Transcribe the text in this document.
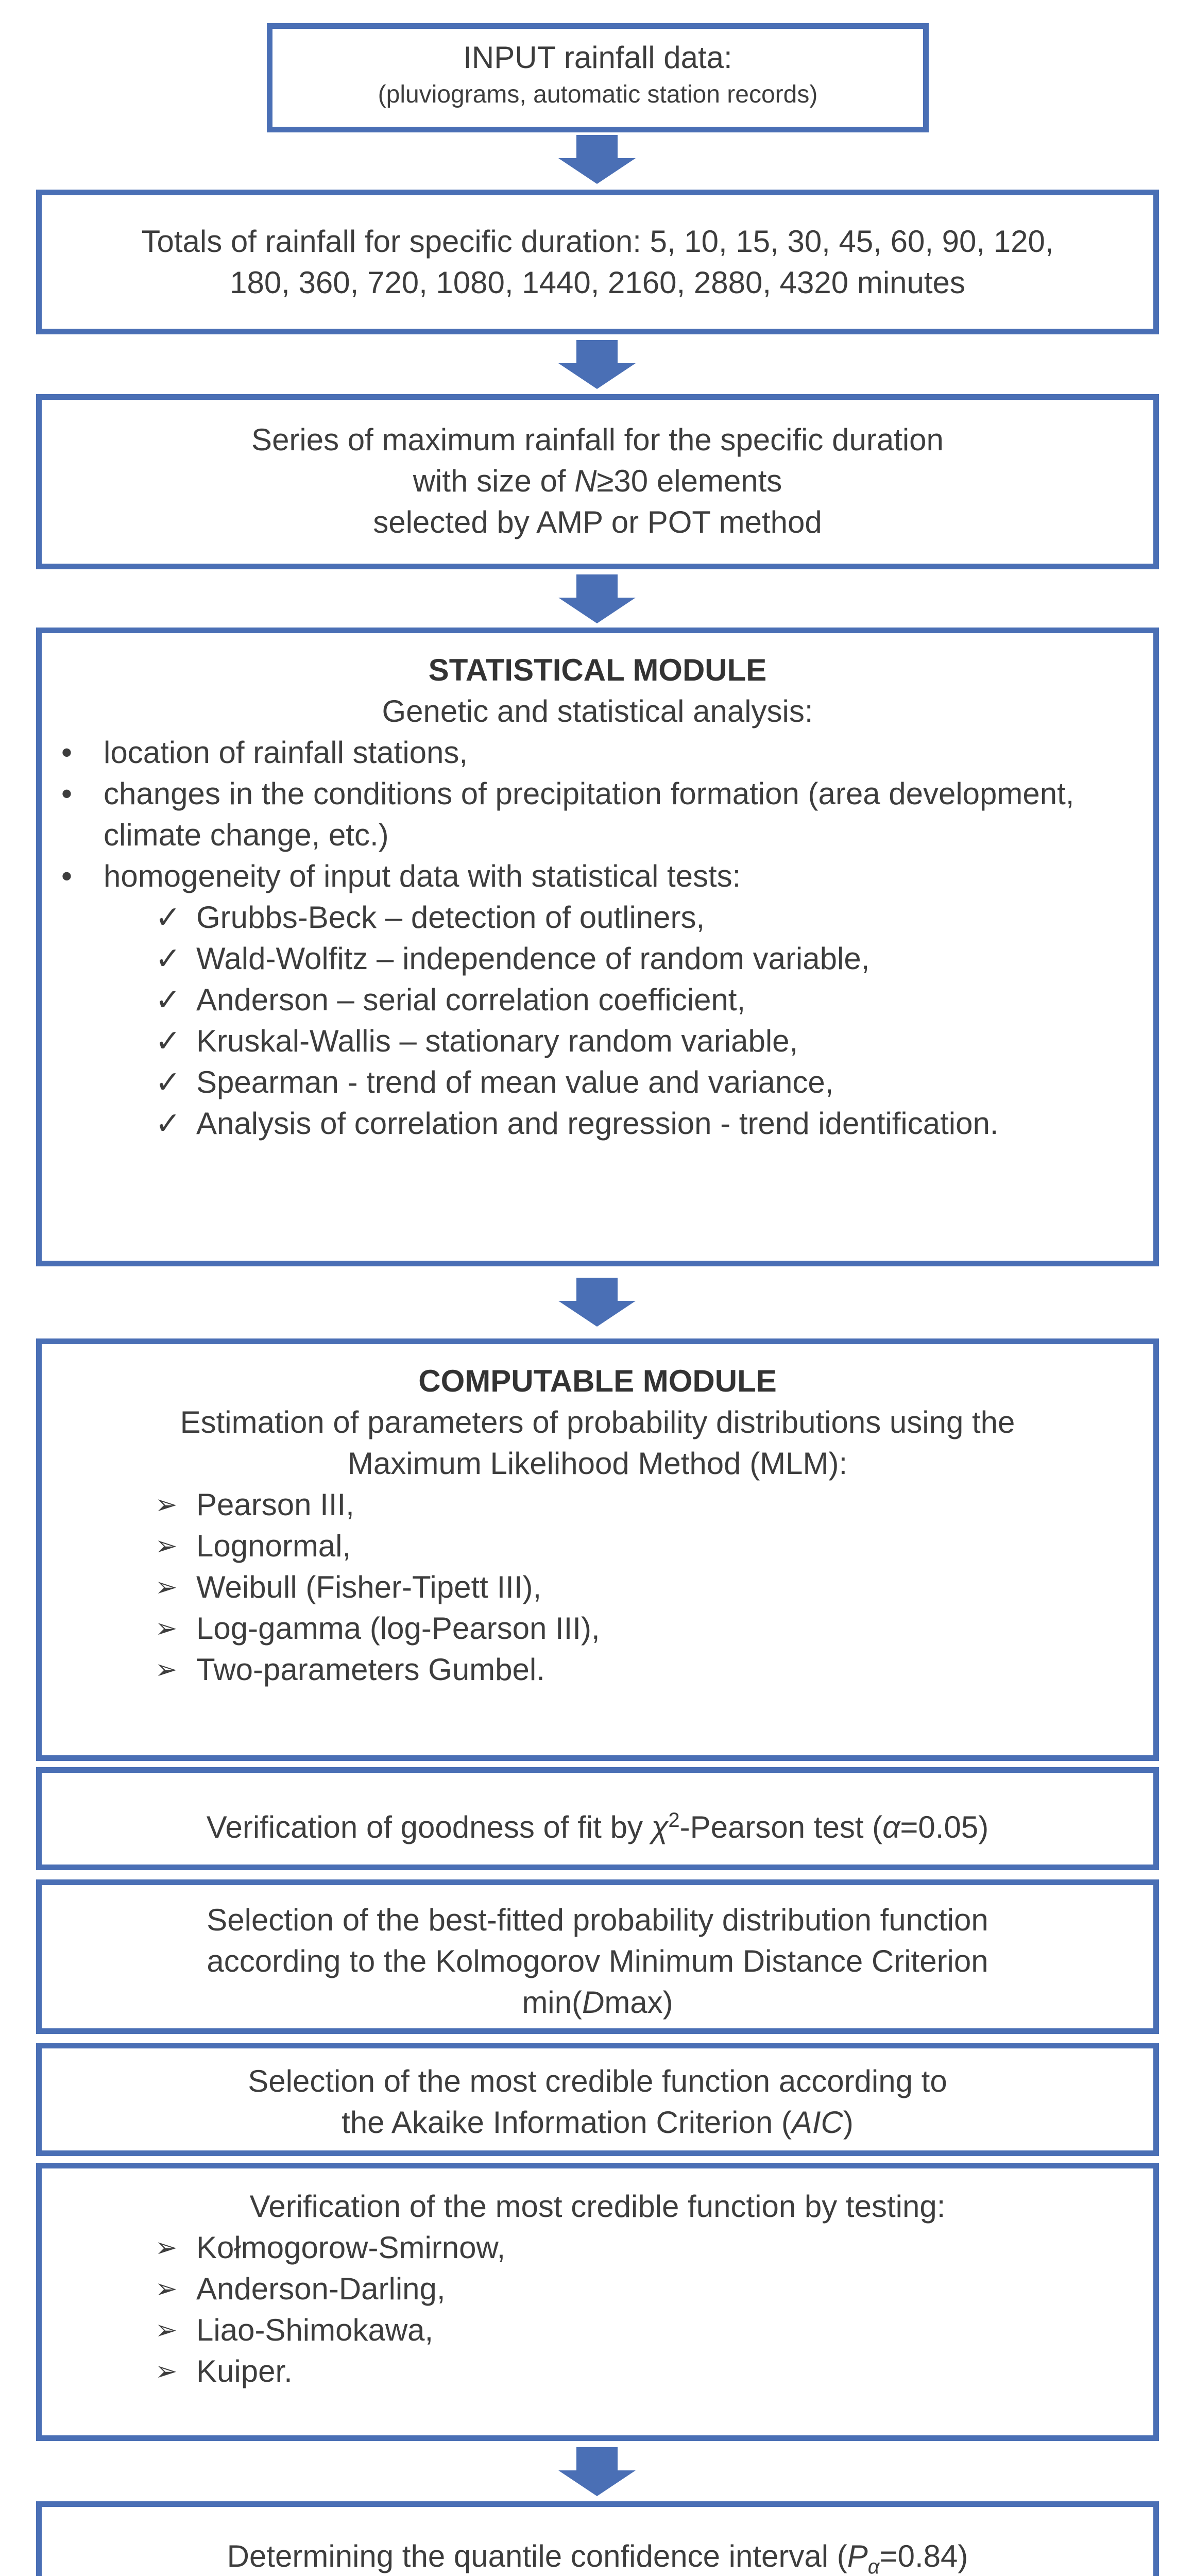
INPUT rainfall data:
(pluviograms, automatic station records)
Totals of rainfall for specific duration: 5, 10, 15, 30, 45, 60, 90, 120,
180, 360, 720, 1080, 1440, 2160, 2880, 4320 minutes
Series of maximum rainfall for the specific duration
with size of N≥30 elements
selected by AMP or POT method
STATISTICAL MODULE
Genetic and statistical analysis:
• location of rainfall stations,
• changes in the conditions of precipitation formation (area development, climate change, etc.)
• homogeneity of input data with statistical tests:
✓ Grubbs-Beck – detection of outliners,
✓ Wald-Wolfitz – independence of random variable,
✓ Anderson – serial correlation coefficient,
✓ Kruskal-Wallis – stationary random variable,
✓ Spearman - trend of mean value and variance,
✓ Analysis of correlation and regression - trend identification.
COMPUTABLE MODULE
Estimation of parameters of probability distributions using the
Maximum Likelihood Method (MLM):
➢ Pearson III,
➢ Lognormal,
➢ Weibull (Fisher-Tipett III),
➢ Log-gamma (log-Pearson III),
➢ Two-parameters Gumbel.
Verification of goodness of fit by $\chi^2$-Pearson test (α=0.05)
Selection of the best-fitted probability distribution function
according to the Kolmogorov Minimum Distance Criterion
min(Dmax)
Selection of the most credible function according to
the Akaike Information Criterion (AIC)
Verification of the most credible function by testing:
➢ Kołmogorow-Smirnow,
➢ Anderson-Darling,
➢ Liao-Shimokawa,
➢ Kuiper.
Determining the quantile confidence interval $(P_\alpha=0.84)$
